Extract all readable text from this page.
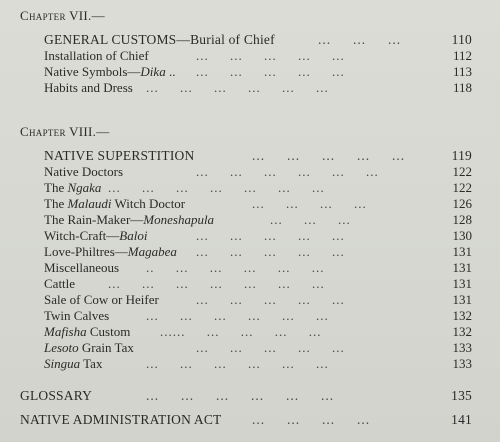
Chapter VII.—
GENERAL CUSTOMS—Burial of Chief	...     ...     ...	110
Installation of Chief	...     ...     ...     ...     ...	112
Native Symbols—Dika .. ...     ...     ...     ...     ...	113
Habits and Dress ...     ...     ...     ...     ...     ...	118
Chapter VIII.—
NATIVE SUPERSTITION	...     ...     ...     ...     ...	119
Native Doctors	...     ...     ...     ...     ...     ...	122
The Ngaka ...     ...     ...     ...     ...     ...     ...	122
The Malaudi Witch Doctor	...     ...     ...     ...	126
The Rain-Maker—Moneshapula	...     ...     ...	128
Witch-Craft—Baloi	...     ...     ...     ...     ...	130
Love-Philtres—Magabea ...     ...     ...     ...     ...	131
Miscellaneous ..     ...     ...     ...     ...     ...	131
Cattle	...     ...     ...     ...     ...     ...     ...	131
Sale of Cow or Heifer	...     ...     ...     ...     ...	131
Twin Calves	...     ...     ...     ...     ...     ...	132
Mafisha Custom ......     ...     ...     ...     ...	132
Lesoto Grain Tax	...     ...     ...     ...     ...	133
Singua Tax	...     ...     ...     ...     ...     ...	133
GLOSSARY	...     ...     ...     ...     ...     ...	135
NATIVE ADMINISTRATION ACT ...     ...     ...     ...	141
